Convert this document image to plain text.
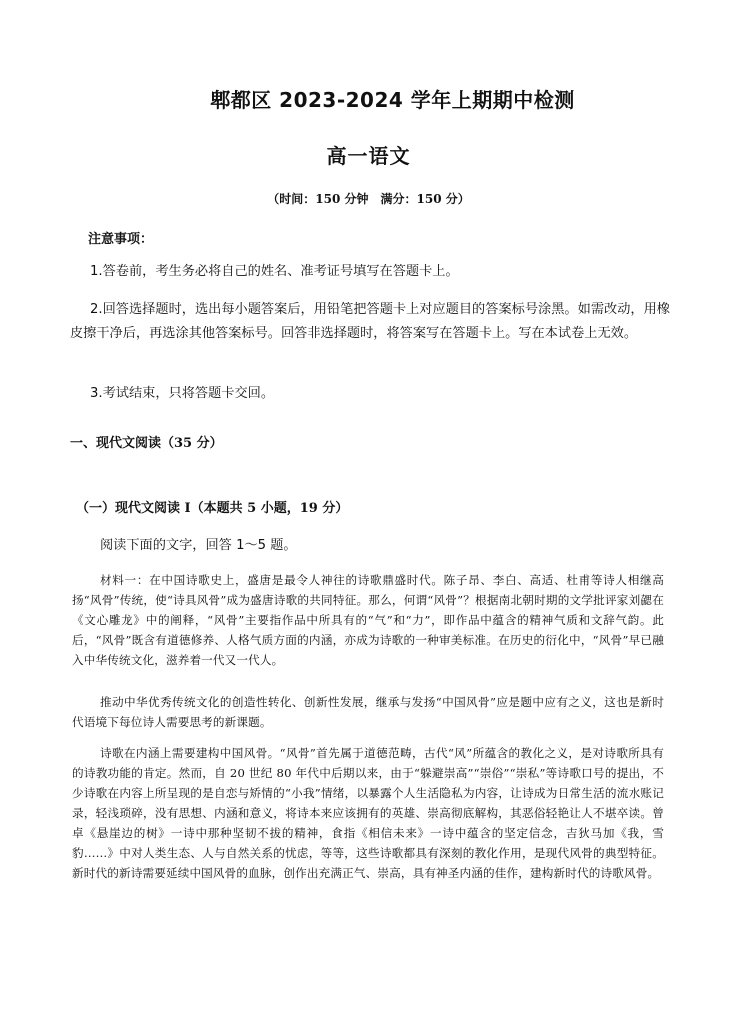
郫都区 2023-2024 学年上期期中检测
高一语文
（时间：150 分钟　满分：150 分）
注意事项：
1.答卷前，考生务必将自己的姓名、准考证号填写在答题卡上。
2.回答选择题时，选出每小题答案后，用铅笔把答题卡上对应题目的答案标号涂黑。如需改动，用橡皮擦干净后，再选涂其他答案标号。回答非选择题时，将答案写在答题卡上。写在本试卷上无效。
3.考试结束，只将答题卡交回。
一、现代文阅读（35 分）
（一）现代文阅读 I（本题共 5 小题，19 分）
阅读下面的文字，回答 1～5 题。
材料一：在中国诗歌史上，盛唐是最令人神往的诗歌鼎盛时代。陈子昂、李白、高适、杜甫等诗人相继高扬“风骨”传统，使“诗具风骨”成为盛唐诗歌的共同特征。那么，何谓“风骨”？根据南北朝时期的文学批评家刘勰在《文心雕龙》中的阐释，“风骨”主要指作品中所具有的“气”和“力”，即作品中蕴含的精神气质和文辞气韵。此后，“风骨”既含有道德修养、人格气质方面的内涵，亦成为诗歌的一种审美标准。在历史的衍化中，“风骨”早已融入中华传统文化，滋养着一代又一代人。
推动中华优秀传统文化的创造性转化、创新性发展，继承与发扬“中国风骨”应是题中应有之义，这也是新时代语境下每位诗人需要思考的新课题。
诗歌在内涵上需要建构中国风骨。“风骨”首先属于道德范畴，古代“风”所蕴含的教化之义，是对诗歌所具有的诗教功能的肯定。然而，自 20 世纪 80 年代中后期以来，由于“躲避崇高”“崇俗”“崇私”等诗歌口号的提出，不少诗歌在内容上所呈现的是自恋与矫情的“小我”情绪，以暴露个人生活隐私为内容，让诗成为日常生活的流水账记录，轻浅琐碎，没有思想、内涵和意义，将诗本来应该拥有的英雄、崇高彻底解构，其恶俗轻艳让人不堪卒读。曾卓《悬崖边的树》一诗中那种坚韧不拔的精神，食指《相信未来》一诗中蕴含的坚定信念，吉狄马加《我，雪豹……》中对人类生态、人与自然关系的忧虑，等等，这些诗歌都具有深刻的教化作用，是现代风骨的典型特征。新时代的新诗需要延续中国风骨的血脉，创作出充满正气、崇高，具有神圣内涵的佳作，建构新时代的诗歌风骨。
